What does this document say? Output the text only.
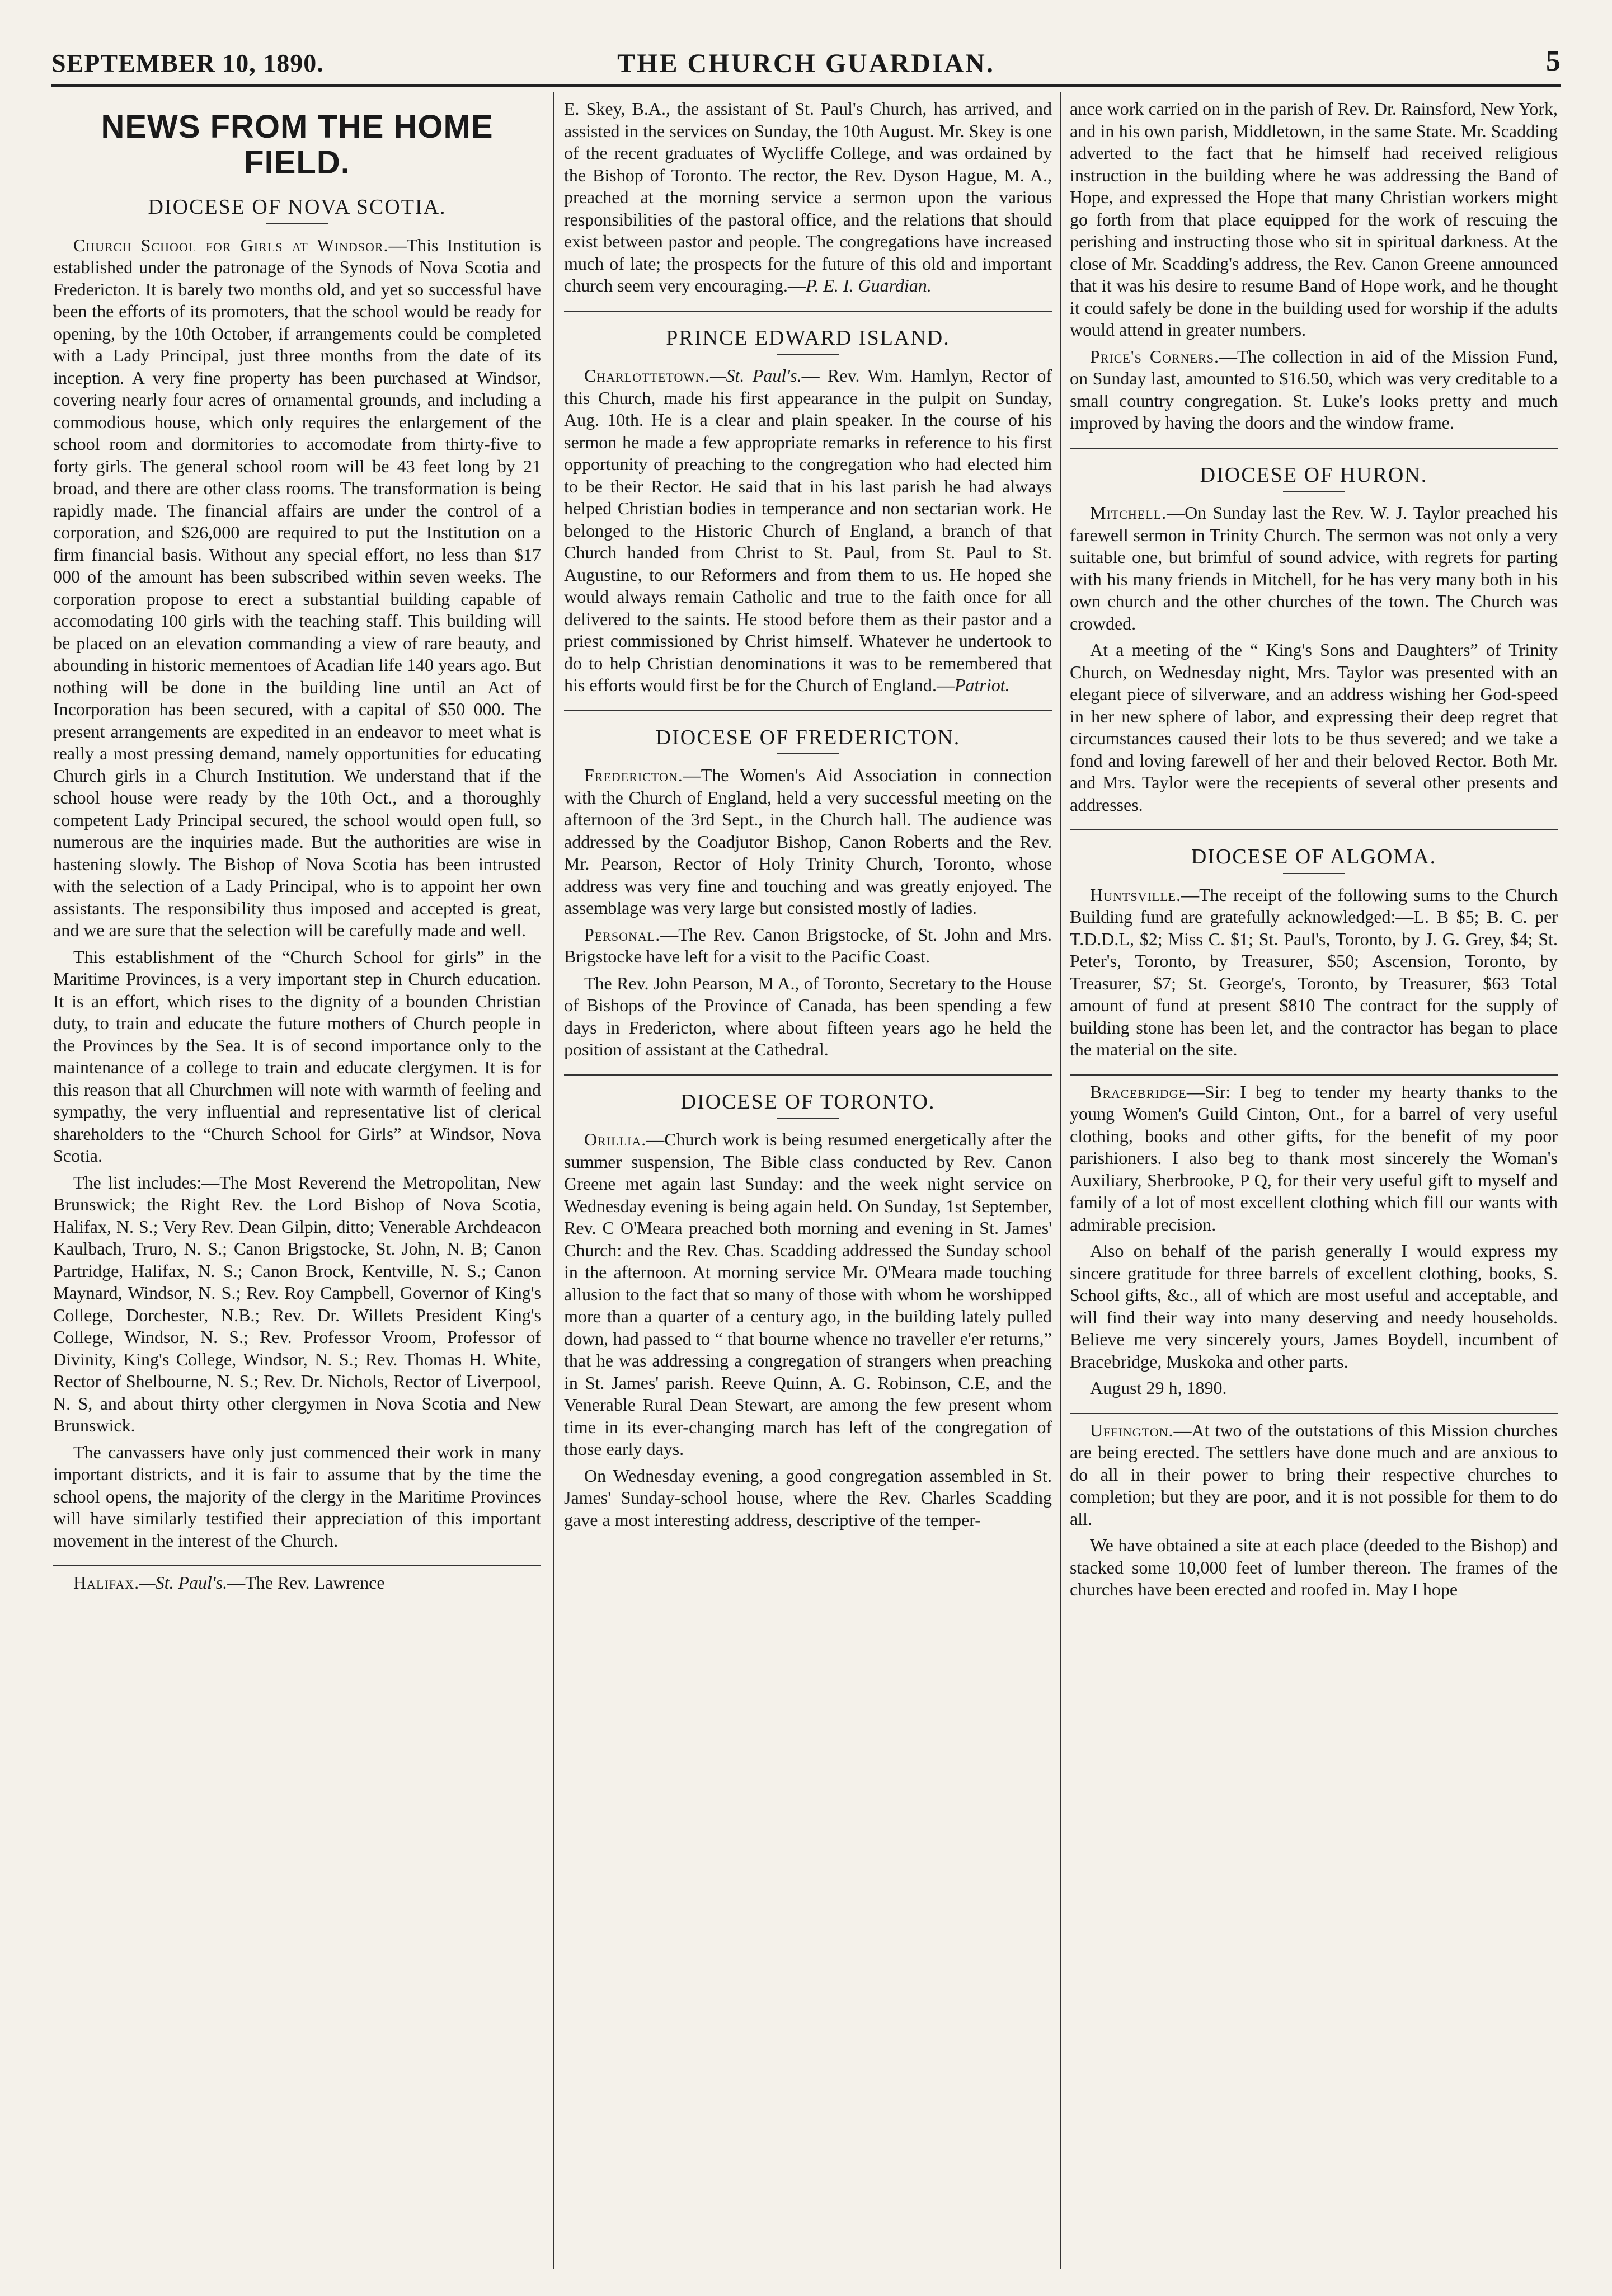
SEPTEMBER 10, 1890.	THE CHURCH GUARDIAN.	5
NEWS FROM THE HOME FIELD.
DIOCESE OF NOVA SCOTIA.

Church School for Girls at Windsor.—This Institution is established under the patronage of the Synods of Nova Scotia and Fredericton. It is barely two months old, and yet so successful have been the efforts of its promoters, that the school would be ready for opening, by the 10th October, if arrangements could be completed with a Lady Principal, just three months from the date of its inception. A very fine property has been purchased at Windsor, covering nearly four acres of ornamental grounds, and including a commodious house, which only requires the enlargement of the school room and dormitories to accomodate from thirty-five to forty girls. The general school room will be 43 feet long by 21 broad, and there are other class rooms. The transformation is being rapidly made. The financial affairs are under the control of a corporation, and $26,000 are required to put the Institution on a firm financial basis. Without any special effort, no less than $17 000 of the amount has been subscribed within seven weeks. The corporation propose to erect a substantial building capable of accomodating 100 girls with the teaching staff. This building will be placed on an elevation commanding a view of rare beauty, and abounding in historic mementoes of Acadian life 140 years ago. But nothing will be done in the building line until an Act of Incorporation has been secured, with a capital of $50 000. The present arrangements are expedited in an endeavor to meet what is really a most pressing demand, namely opportunities for educating Church girls in a Church Institution. We understand that if the school house were ready by the 10th Oct., and a thoroughly competent Lady Principal secured, the school would open full, so numerous are the inquiries made. But the authorities are wise in hastening slowly. The Bishop of Nova Scotia has been intrusted with the selection of a Lady Principal, who is to appoint her own assistants. The responsibility thus imposed and accepted is great, and we are sure that the selection will be carefully made and well.

This establishment of the “Church School for girls” in the Maritime Provinces, is a very important step in Church education. It is an effort, which rises to the dignity of a bounden Christian duty, to train and educate the future mothers of Church people in the Provinces by the Sea. It is of second importance only to the maintenance of a college to train and educate clergymen. It is for this reason that all Churchmen will note with warmth of feeling and sympathy, the very influential and representative list of clerical shareholders to the “Church School for Girls” at Windsor, Nova Scotia.

The list includes:—The Most Reverend the Metropolitan, New Brunswick; the Right Rev. the Lord Bishop of Nova Scotia, Halifax, N. S.; Very Rev. Dean Gilpin, ditto; Venerable Archdeacon Kaulbach, Truro, N. S.; Canon Brigstocke, St. John, N. B; Canon Partridge, Halifax, N. S.; Canon Brock, Kentville, N. S.; Canon Maynard, Windsor, N. S.; Rev. Roy Campbell, Governor of King's College, Dorchester, N.B.; Rev. Dr. Willets President King's College, Windsor, N. S.; Rev. Professor Vroom, Professor of Divinity, King's College, Windsor, N. S.; Rev. Thomas H. White, Rector of Shelbourne, N. S.; Rev. Dr. Nichols, Rector of Liverpool, N. S, and about thirty other clergymen in Nova Scotia and New Brunswick.

The canvassers have only just commenced their work in many important districts, and it is fair to assume that by the time the school opens, the majority of the clergy in the Maritime Provinces will have similarly testified their appreciation of this important movement in the interest of the Church.

Halifax.—St. Paul's.—The Rev. Lawrence

E. Skey, B.A., the assistant of St. Paul's Church, has arrived, and assisted in the services on Sunday, the 10th August. Mr. Skey is one of the recent graduates of Wycliffe College, and was ordained by the Bishop of Toronto. The rector, the Rev. Dyson Hague, M. A., preached at the morning service a sermon upon the various responsibilities of the pastoral office, and the relations that should exist between pastor and people. The congregations have increased much of late; the prospects for the future of this old and important church seem very encouraging.—P. E. I. Guardian.

PRINCE EDWARD ISLAND.

Charlottetown.—St. Paul's.— Rev. Wm. Hamlyn, Rector of this Church, made his first appearance in the pulpit on Sunday, Aug. 10th. He is a clear and plain speaker. In the course of his sermon he made a few appropriate remarks in reference to his first opportunity of preaching to the congregation who had elected him to be their Rector. He said that in his last parish he had always helped Christian bodies in temperance and non sectarian work. He belonged to the Historic Church of England, a branch of that Church handed from Christ to St. Paul, from St. Paul to St. Augustine, to our Reformers and from them to us. He hoped she would always remain Catholic and true to the faith once for all delivered to the saints. He stood before them as their pastor and a priest commissioned by Christ himself. Whatever he undertook to do to help Christian denominations it was to be remembered that his efforts would first be for the Church of England.—Patriot.

DIOCESE OF FREDERICTON.

Fredericton.—The Women's Aid Association in connection with the Church of England, held a very successful meeting on the afternoon of the 3rd Sept., in the Church hall. The audience was addressed by the Coadjutor Bishop, Canon Roberts and the Rev. Mr. Pearson, Rector of Holy Trinity Church, Toronto, whose address was very fine and touching and was greatly enjoyed. The assemblage was very large but consisted mostly of ladies.

Personal.—The Rev. Canon Brigstocke, of St. John and Mrs. Brigstocke have left for a visit to the Pacific Coast.

The Rev. John Pearson, M A., of Toronto, Secretary to the House of Bishops of the Province of Canada, has been spending a few days in Fredericton, where about fifteen years ago he held the position of assistant at the Cathedral.

DIOCESE OF TORONTO.

Orillia.—Church work is being resumed energetically after the summer suspension, The Bible class conducted by Rev. Canon Greene met again last Sunday: and the week night service on Wednesday evening is being again held. On Sunday, 1st September, Rev. C O'Meara preached both morning and evening in St. James' Church: and the Rev. Chas. Scadding addressed the Sunday school in the afternoon. At morning service Mr. O'Meara made touching allusion to the fact that so many of those with whom he worshipped more than a quarter of a century ago, in the building lately pulled down, had passed to “ that bourne whence no traveller e'er returns,” that he was addressing a congregation of strangers when preaching in St. James' parish. Reeve Quinn, A. G. Robinson, C.E, and the Venerable Rural Dean Stewart, are among the few present whom time in its ever-changing march has left of the congregation of those early days.

On Wednesday evening, a good congregation assembled in St. James' Sunday-school house, where the Rev. Charles Scadding gave a most interesting address, descriptive of the temper-

ance work carried on in the parish of Rev. Dr. Rainsford, New York, and in his own parish, Middletown, in the same State. Mr. Scadding adverted to the fact that he himself had received religious instruction in the building where he was addressing the Band of Hope, and expressed the Hope that many Christian workers might go forth from that place equipped for the work of rescuing the perishing and instructing those who sit in spiritual darkness. At the close of Mr. Scadding's address, the Rev. Canon Greene announced that it was his desire to resume Band of Hope work, and he thought it could safely be done in the building used for worship if the adults would attend in greater numbers.

Price's Corners.—The collection in aid of the Mission Fund, on Sunday last, amounted to $16.50, which was very creditable to a small country congregation. St. Luke's looks pretty and much improved by having the doors and the window frame.

DIOCESE OF HURON.

Mitchell.—On Sunday last the Rev. W. J. Taylor preached his farewell sermon in Trinity Church. The sermon was not only a very suitable one, but brimful of sound advice, with regrets for parting with his many friends in Mitchell, for he has very many both in his own church and the other churches of the town. The Church was crowded.

At a meeting of the “ King's Sons and Daughters” of Trinity Church, on Wednesday night, Mrs. Taylor was presented with an elegant piece of silverware, and an address wishing her God-speed in her new sphere of labor, and expressing their deep regret that circumstances caused their lots to be thus severed; and we take a fond and loving farewell of her and their beloved Rector. Both Mr. and Mrs. Taylor were the recepients of several other presents and addresses.

DIOCESE OF ALGOMA.

Huntsville.—The receipt of the following sums to the Church Building fund are gratefully acknowledged:—L. B $5; B. C. per T.D.D.L, $2; Miss C. $1; St. Paul's, Toronto, by J. G. Grey, $4; St. Peter's, Toronto, by Treasurer, $50; Ascension, Toronto, by Treasurer, $7; St. George's, Toronto, by Treasurer, $63 Total amount of fund at present $810 The contract for the supply of building stone has been let, and the contractor has began to place the material on the site.

Bracebridge—Sir: I beg to tender my hearty thanks to the young Women's Guild Cinton, Ont., for a barrel of very useful clothing, books and other gifts, for the benefit of my poor parishioners. I also beg to thank most sincerely the Woman's Auxiliary, Sherbrooke, P Q, for their very useful gift to myself and family of a lot of most excellent clothing which fill our wants with admirable precision.

Also on behalf of the parish generally I would express my sincere gratitude for three barrels of excellent clothing, books, S. School gifts, &c., all of which are most useful and acceptable, and will find their way into many deserving and needy households. Believe me very sincerely yours, James Boydell, incumbent of Bracebridge, Muskoka and other parts.

August 29 h, 1890.

Uffington.—At two of the outstations of this Mission churches are being erected. The settlers have done much and are anxious to do all in their power to bring their respective churches to completion; but they are poor, and it is not possible for them to do all.

We have obtained a site at each place (deeded to the Bishop) and stacked some 10,000 feet of lumber thereon. The frames of the churches have been erected and roofed in. May I hope
